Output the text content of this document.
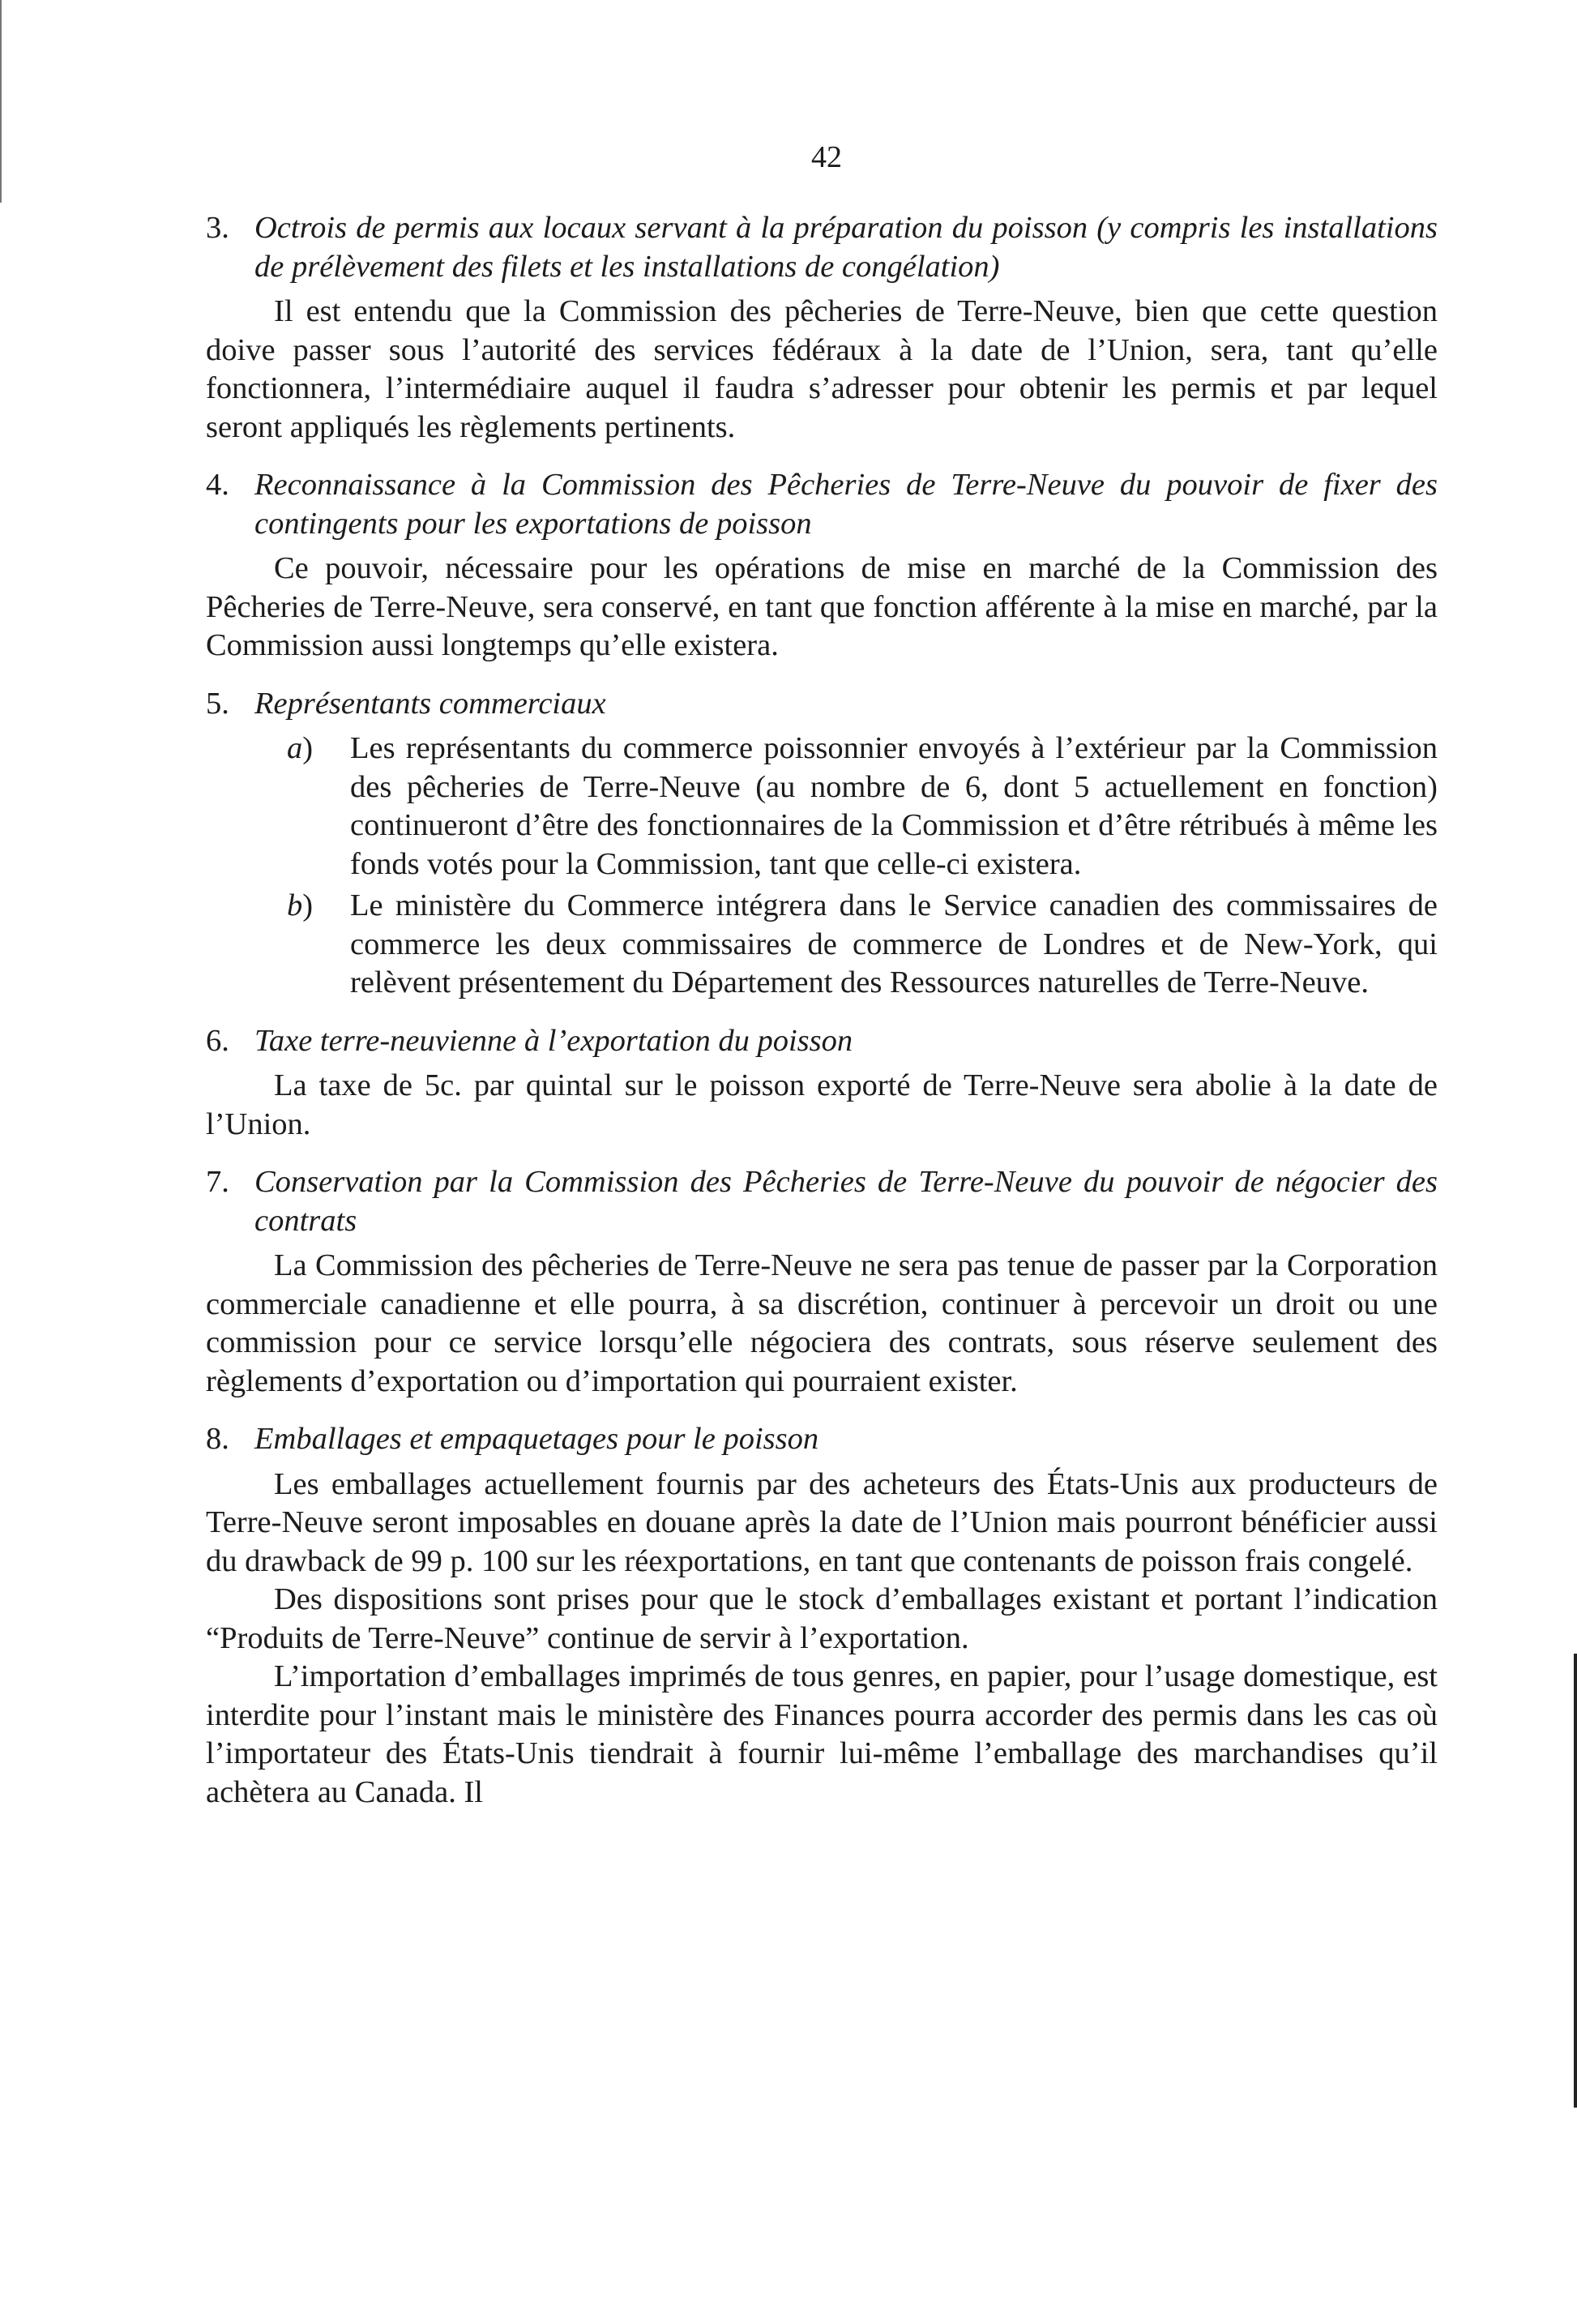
42
3. Octrois de permis aux locaux servant à la préparation du poisson (y compris les installations de prélèvement des filets et les installations de congélation)

Il est entendu que la Commission des pêcheries de Terre-Neuve, bien que cette question doive passer sous l’autorité des services fédéraux à la date de l’Union, sera, tant qu’elle fonctionnera, l’intermédiaire auquel il faudra s’adresser pour obtenir les permis et par lequel seront appliqués les règlements pertinents.

4. Reconnaissance à la Commission des Pêcheries de Terre-Neuve du pouvoir de fixer des contingents pour les exportations de poisson

Ce pouvoir, nécessaire pour les opérations de mise en marché de la Commission des Pêcheries de Terre-Neuve, sera conservé, en tant que fonction afférente à la mise en marché, par la Commission aussi longtemps qu’elle existera.

5. Représentants commerciaux
a)	Les représentants du commerce poissonnier envoyés à l’extérieur par la Commission des pêcheries de Terre-Neuve (au nombre de 6, dont 5 actuellement en fonction) continueront d’être des fonctionnaires de la Commission et d’être rétribués à même les fonds votés pour la Commission, tant que celle-ci existera.
b)	Le ministère du Commerce intégrera dans le Service canadien des commissaires de commerce les deux commissaires de commerce de Londres et de New-York, qui relèvent présentement du Département des Ressources naturelles de Terre-Neuve.
6. Taxe terre-neuvienne à l’exportation du poisson

La taxe de 5c. par quintal sur le poisson exporté de Terre-Neuve sera abolie à la date de l’Union.

7. Conservation par la Commission des Pêcheries de Terre-Neuve du pouvoir de négocier des contrats

La Commission des pêcheries de Terre-Neuve ne sera pas tenue de passer par la Corporation commerciale canadienne et elle pourra, à sa discrétion, continuer à percevoir un droit ou une commission pour ce service lorsqu’elle négociera des contrats, sous réserve seulement des règlements d’exportation ou d’importation qui pourraient exister.

8. Emballages et empaquetages pour le poisson

Les emballages actuellement fournis par des acheteurs des États-Unis aux producteurs de Terre-Neuve seront imposables en douane après la date de l’Union mais pourront bénéficier aussi du drawback de 99 p. 100 sur les réexportations, en tant que contenants de poisson frais congelé.

Des dispositions sont prises pour que le stock d’emballages existant et portant l’indication “Produits de Terre-Neuve” continue de servir à l’exportation.

L’importation d’emballages imprimés de tous genres, en papier, pour l’usage domestique, est interdite pour l’instant mais le ministère des Finances pourra accorder des permis dans les cas où l’importateur des États-Unis tiendrait à fournir lui-même l’emballage des marchandises qu’il achètera au Canada. Il
